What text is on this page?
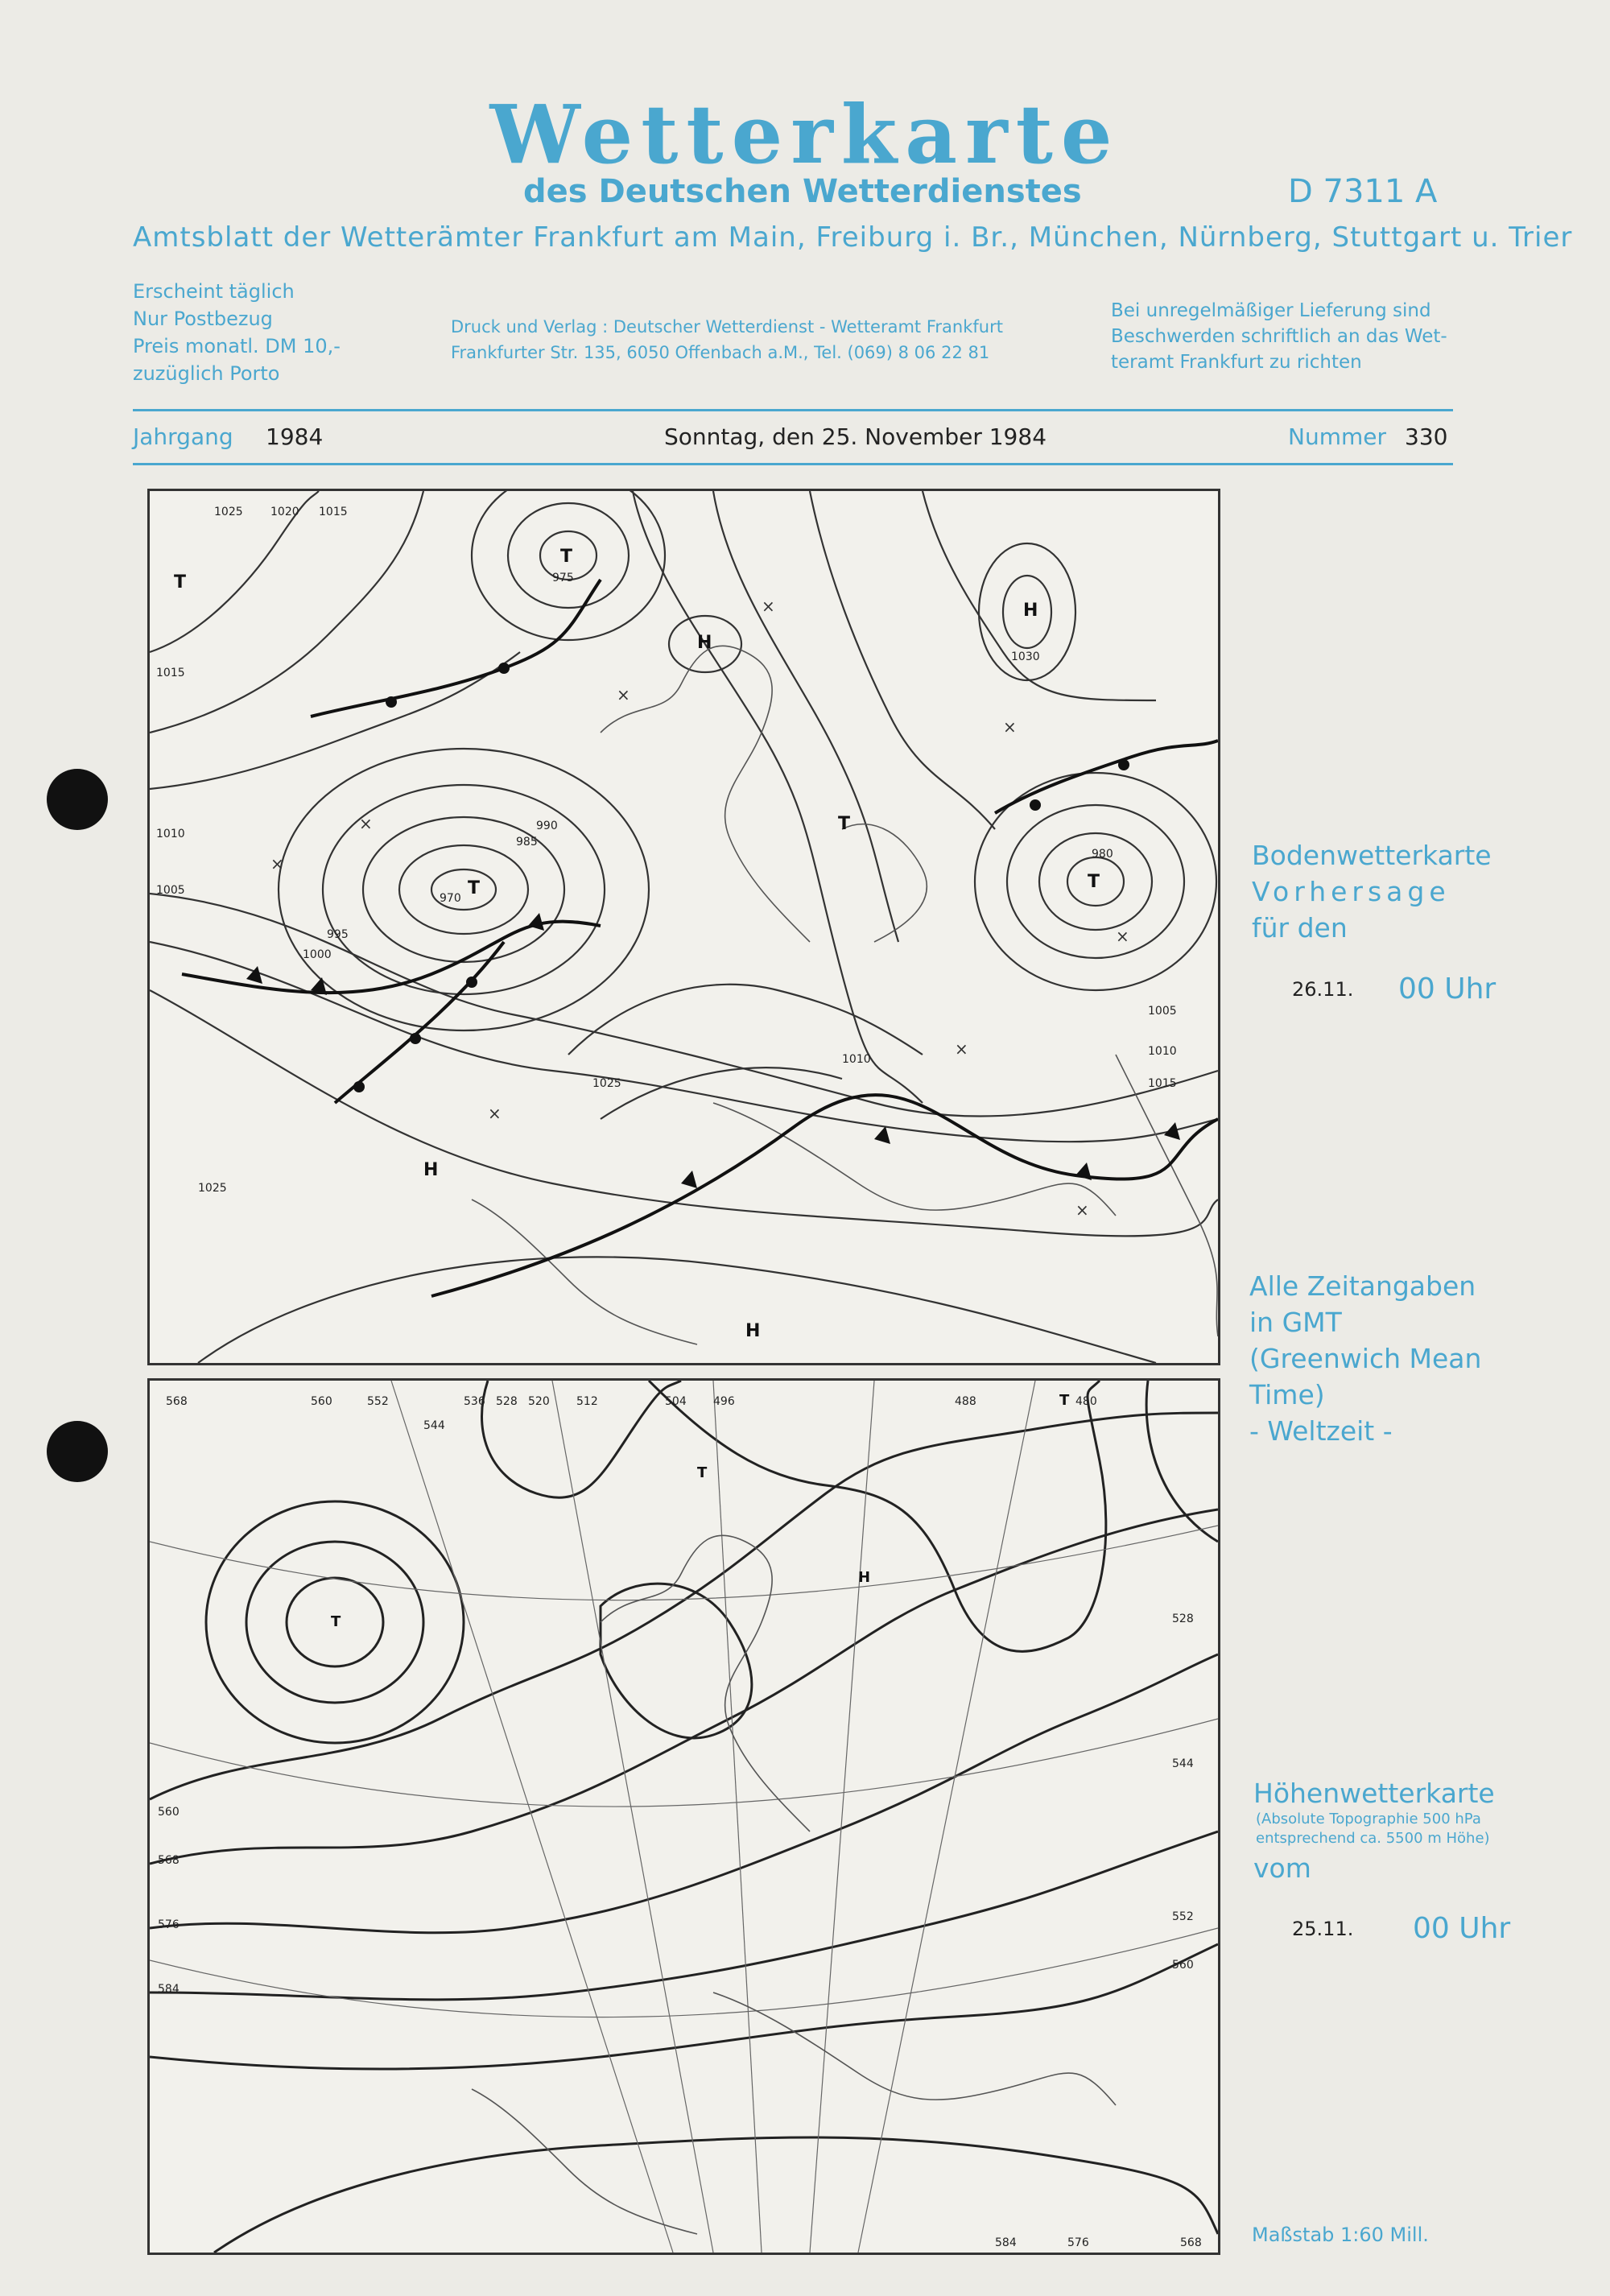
Wetterkarte
des Deutschen Wetterdienstes	D 7311 A
Amtsblatt der Wetterämter Frankfurt am Main, Freiburg i. Br., München, Nürnberg, Stuttgart u. Trier
Erscheint täglich
Nur Postbezug
Preis monatl. DM 10,-
zuzüglich Porto
Druck und Verlag : Deutscher Wetterdienst - Wetteramt Frankfurt
Frankfurter Str. 135, 6050 Offenbach a.M., Tel. (069) 8 06 22 81
Bei unregelmäßiger Lieferung sind
Beschwerden schriftlich an das Wet-
teramt Frankfurt zu richten
Jahrgang 1984	Sonntag, den 25. November 1984	Nummer 330
T	T
T
T
H
H
H
H
T
1025 1020 1015
1015
1010
1005
1000
995
990
985
980
975
970
1030
1025
1025
1005
1010
1015
1010
×
×
×
×
×
×
×
×
×
Bodenwetterkarte
Vorhersage
für den
26.11. 00 Uhr
Alle Zeitangaben
in GMT
(Greenwich Mean
Time)
- Weltzeit -
T
T
H
T
568	560	552
544
536 528 520 512	504 496	488	480
560
568
576
584
528
544
552
560
584	576	568
Höhenwetterkarte
(Absolute Topographie 500 hPa
entsprechend ca. 5500 m Höhe)
vom
25.11. 00 Uhr
Maßstab 1:60 Mill.
